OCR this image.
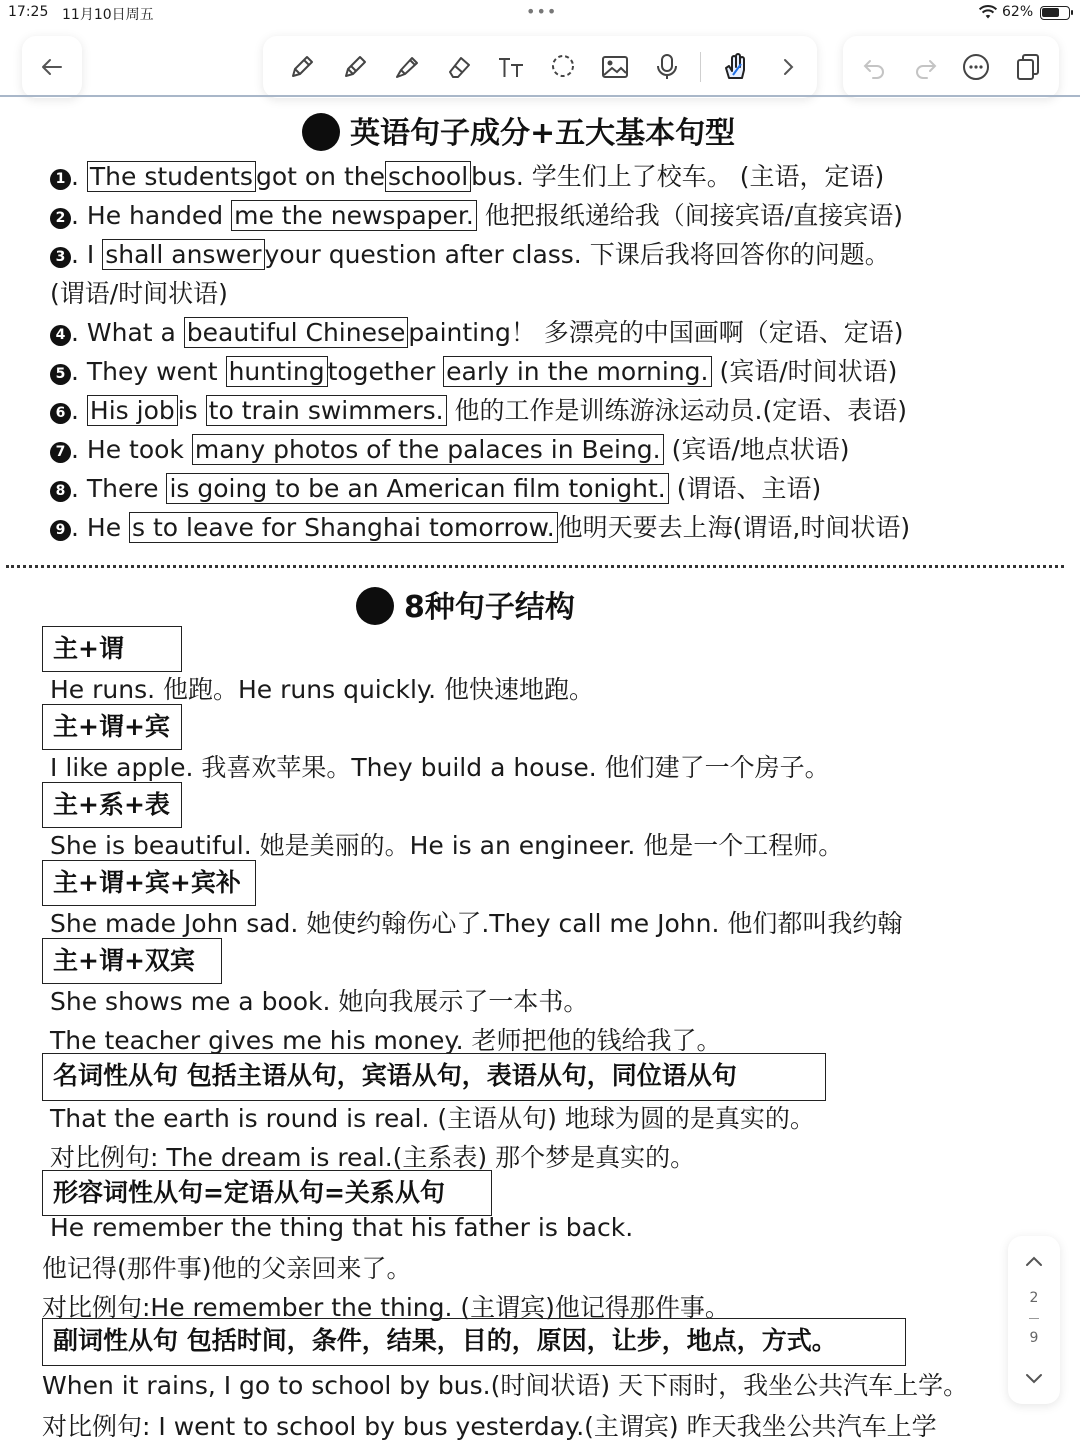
17:25 11月10日周五	•••	62%
英语句子成分+五大基本句型
1 . The students got on the school bus. 学生们上了校车。 (主语，定语)
2 . He handed me the newspaper. 他把报纸递给我（间接宾语/直接宾语)
3 . I shall answer your question after class. 下课后我将回答你的问题。
(谓语/时间状语)
4 . What a beautiful Chinese painting！ 多漂亮的中国画啊（定语、定语)
5 . They went hunting together early in the morning. (宾语/时间状语)
6 . His job is to train swimmers. 他的工作是训练游泳运动员.(定语、表语)
7 . He took many photos of the palaces in Being. (宾语/地点状语)
8 . There is going to be an American film tonight. (谓语、主语)
9 . He s to leave for Shanghai tomorrow. 他明天要去上海(谓语,时间状语)
8种句子结构
主+谓
He runs. 他跑。He runs quickly. 他快速地跑。
主+谓+宾
I like apple. 我喜欢苹果。They build a house. 他们建了一个房子。
主+系+表
She is beautiful. 她是美丽的。He is an engineer. 他是一个工程师。
主+谓+宾+宾补
She made John sad. 她使约翰伤心了.They call me John. 他们都叫我约翰
主+谓+双宾
She shows me a book. 她向我展示了一本书。
The teacher gives me his money. 老师把他的钱给我了。
名词性从句 包括主语从句，宾语从句，表语从句，同位语从句
That the earth is round is real. (主语从句) 地球为圆的是真实的。
对比例句: The dream is real.(主系表) 那个梦是真实的。
形容词性从句=定语从句=关系从句
He remember the thing that his father is back.
他记得(那件事)他的父亲回来了。
对比例句:He remember the thing. (主谓宾)他记得那件事。
副词性从句 包括时间，条件，结果，目的，原因，让步，地点，方式。
When it rains, I go to school by bus.(时间状语) 天下雨时，我坐公共汽车上学。
对比例句: I went to school by bus yesterday.(主谓宾) 昨天我坐公共汽车上学
2
9
